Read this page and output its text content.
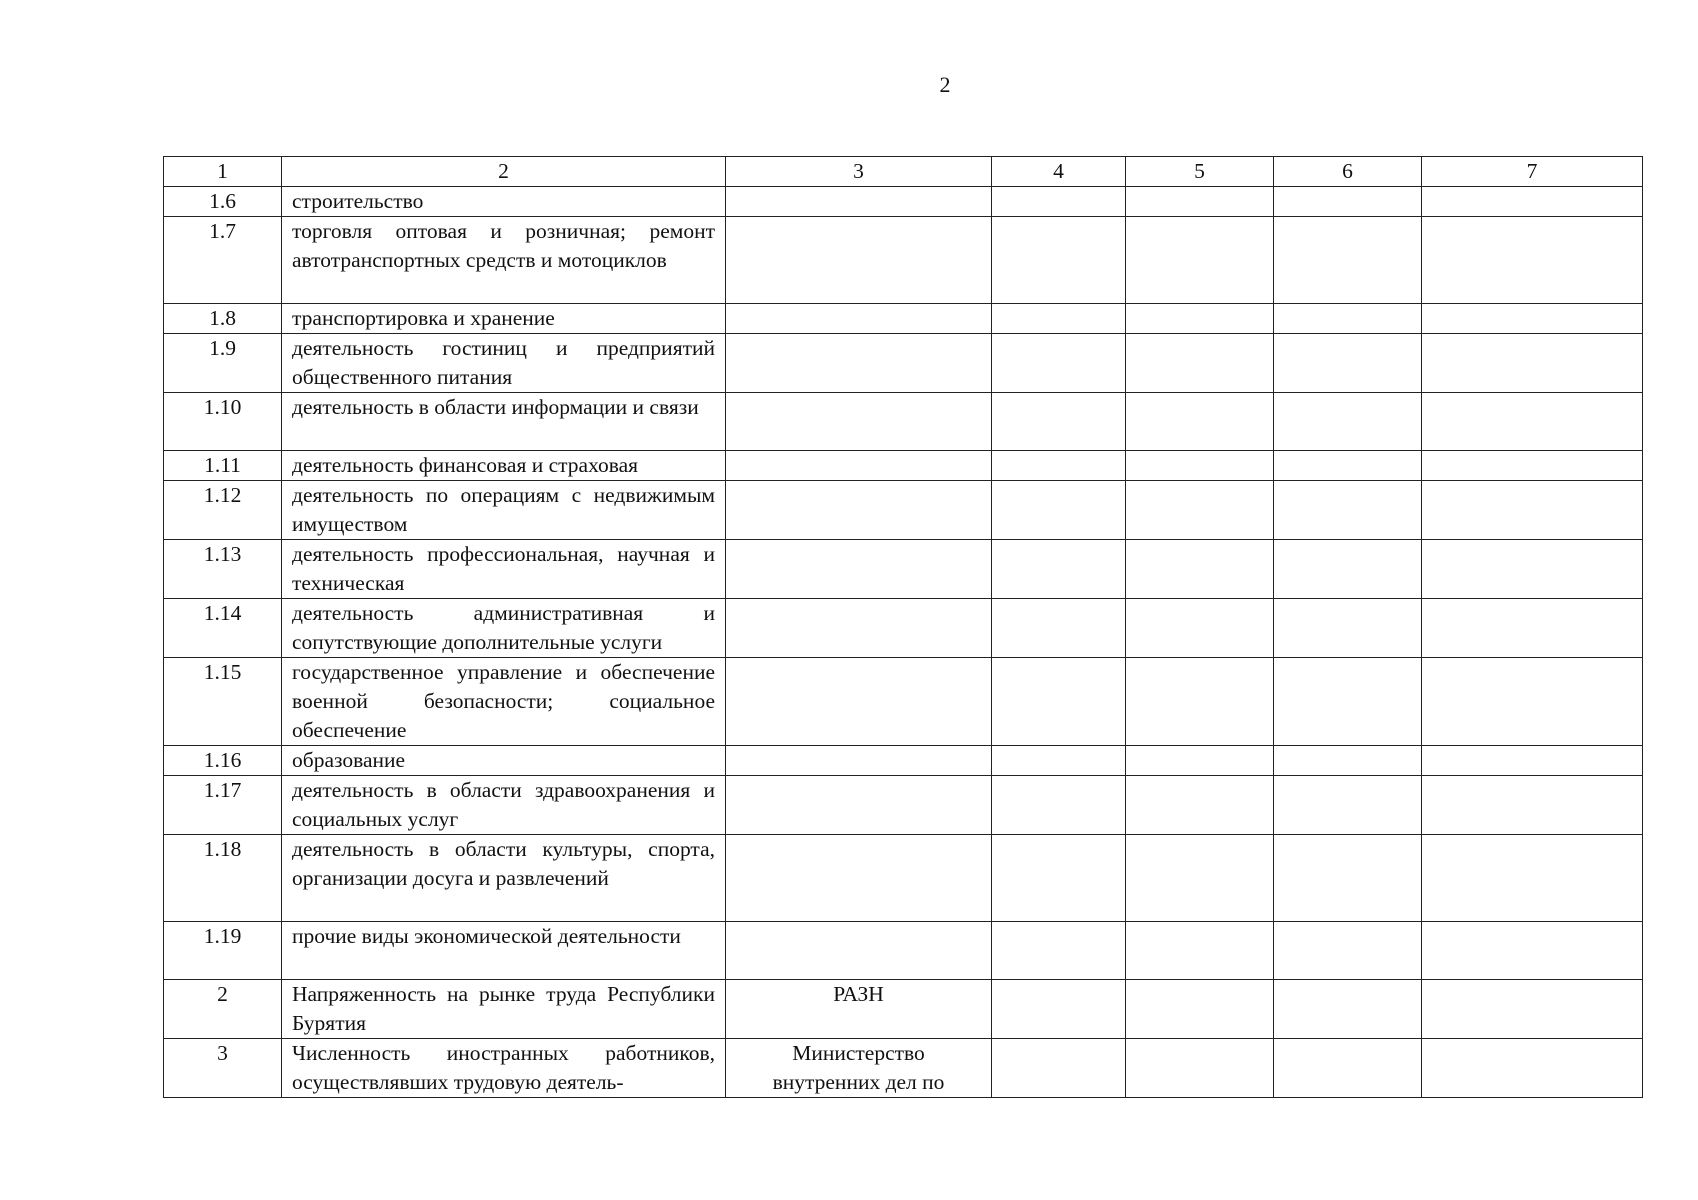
2
1	2	3	4	5	6	7
1.6	строительство					
1.7	торговля оптовая и розничная; ремонт автотранспортных средств и мотоциклов					
1.8	транспортировка и хранение					
1.9	деятельность гостиниц и предприятий общественного питания					
1.10	деятельность в области информации и связи					
1.11	деятельность финансовая и страховая					
1.12	деятельность по операциям с недвижимым имуществом					
1.13	деятельность профессиональная, научная и техническая					
1.14	деятельность административная и сопутствующие дополнительные услуги					
1.15	государственное управление и обеспечение военной безопасности; социальное обеспечение					
1.16	образование					
1.17	деятельность в области здравоохранения и социальных услуг					
1.18	деятельность в области культуры, спорта, организации досуга и развлечений					
1.19	прочие виды экономической деятельности					
2	Напряженность на рынке труда Республики Бурятия	РАЗН				
3	Численность иностранных работников, осуществлявших трудовую деятель-	Министерство внутренних дел по				
